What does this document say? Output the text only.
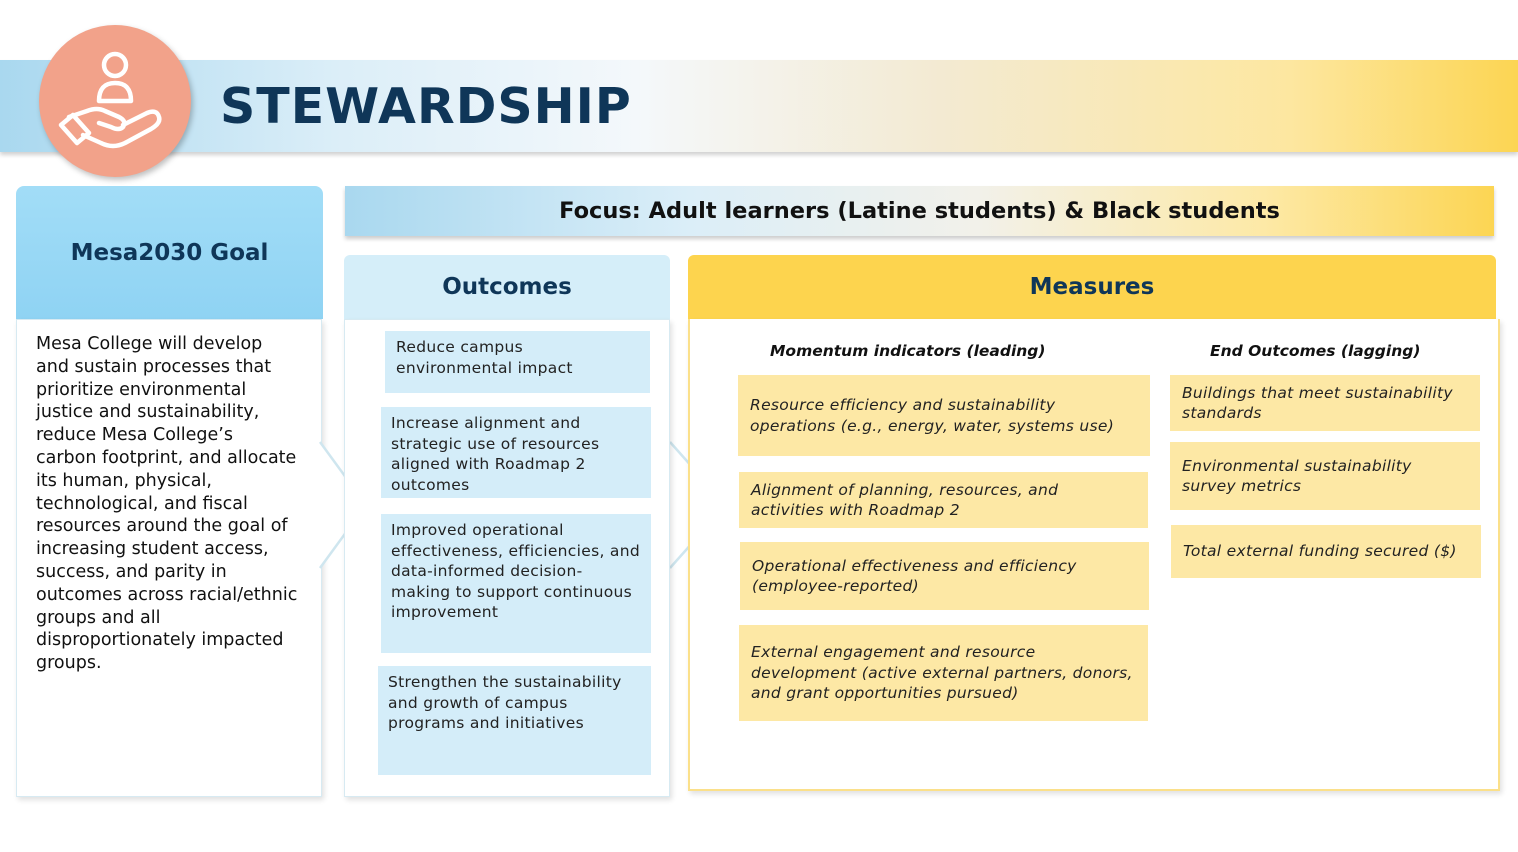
STEWARDSHIP
Mesa2030 Goal
Mesa College will develop and sustain processes that prioritize environmental justice and sustainability, reduce Mesa College’s carbon footprint, and allocate its human, physical, technological, and fiscal resources around the goal of increasing student access, success, and parity in outcomes across racial/ethnic groups and all disproportionately impacted groups.
Focus: Adult learners (Latine students) & Black students
Outcomes
Reduce campus environmental impact
Increase alignment and strategic use of resources aligned with Roadmap 2 outcomes
Improved operational effectiveness, efficiencies, and data-informed decision-making to support continuous improvement
Strengthen the sustainability and growth of campus programs and initiatives
Measures
Momentum indicators (leading)	End Outcomes (lagging)
Resource efficiency and sustainability operations (e.g., energy, water, systems use)
Alignment of planning, resources, and activities with Roadmap 2
Operational effectiveness and efficiency (employee-reported)
External engagement and resource development (active external partners, donors, and grant opportunities pursued)
Buildings that meet sustainability standards
Environmental sustainability survey metrics
Total external funding secured ($)
